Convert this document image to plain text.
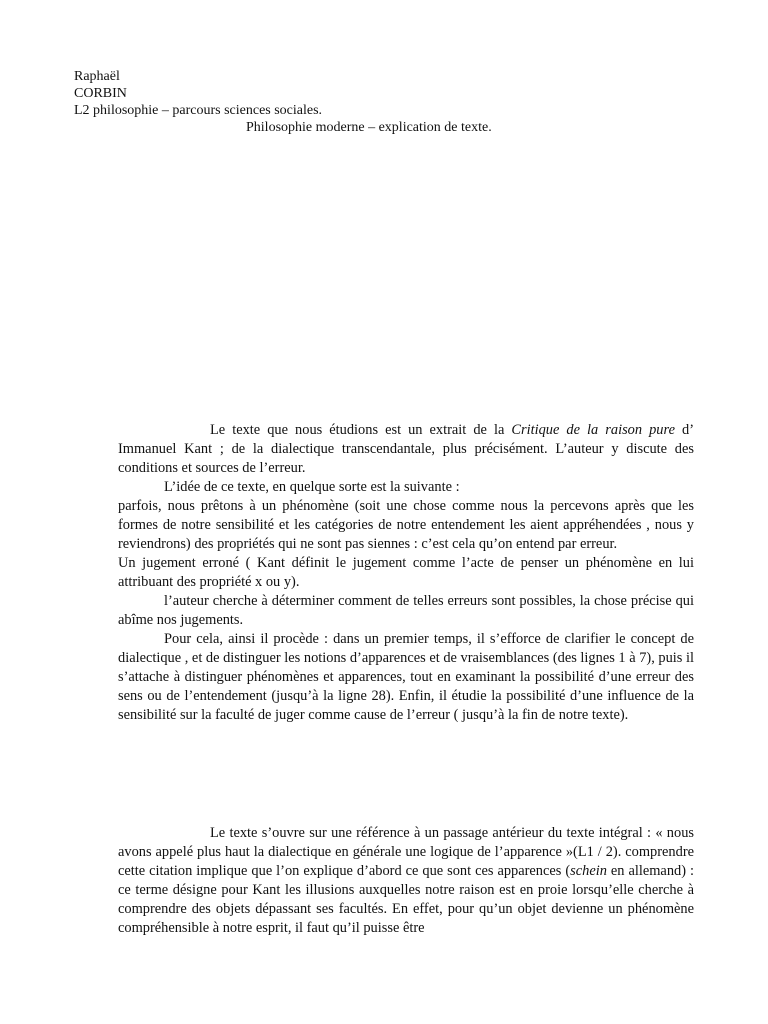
Raphaël
CORBIN
L2 philosophie – parcours sciences sociales.
Philosophie moderne – explication de texte.

Le texte que nous étudions est un extrait de la Critique de la raison pure d’ Immanuel Kant ; de la dialectique transcendantale, plus précisément. L’auteur y discute des conditions et sources de l’erreur.

L’idée de ce texte, en quelque sorte est la suivante :

parfois, nous prêtons à un phénomène (soit une chose comme nous la percevons après que les formes de notre sensibilité et les catégories de notre entendement les aient appréhendées , nous y reviendrons) des propriétés qui ne sont pas siennes : c’est cela qu’on entend par erreur.

Un jugement erroné ( Kant définit le jugement comme l’acte de penser un phénomène en lui attribuant des propriété x ou y).

l’auteur cherche à déterminer comment de telles erreurs sont possibles, la chose précise qui abîme nos jugements.

Pour cela, ainsi il procède : dans un premier temps, il s’efforce de clarifier le concept de dialectique , et de distinguer les notions d’apparences et de vraisemblances (des lignes 1 à 7), puis il s’attache à distinguer phénomènes et apparences, tout en examinant la possibilité d’une erreur des sens ou de l’entendement (jusqu’à la ligne 28). Enfin, il étudie la possibilité d’une influence de la sensibilité sur la faculté de juger comme cause de l’erreur ( jusqu’à la fin de notre texte).

Le texte s’ouvre sur une référence à un passage antérieur du texte intégral : « nous avons appelé plus haut la dialectique en générale une logique de l’apparence »(L1 / 2). comprendre cette citation implique que l’on explique d’abord ce que sont ces apparences (schein en allemand) : ce terme désigne pour Kant les illusions auxquelles notre raison est en proie lorsqu’elle cherche à comprendre des objets dépassant ses facultés. En effet, pour qu’un objet devienne un phénomène compréhensible à notre esprit, il faut qu’il puisse être
